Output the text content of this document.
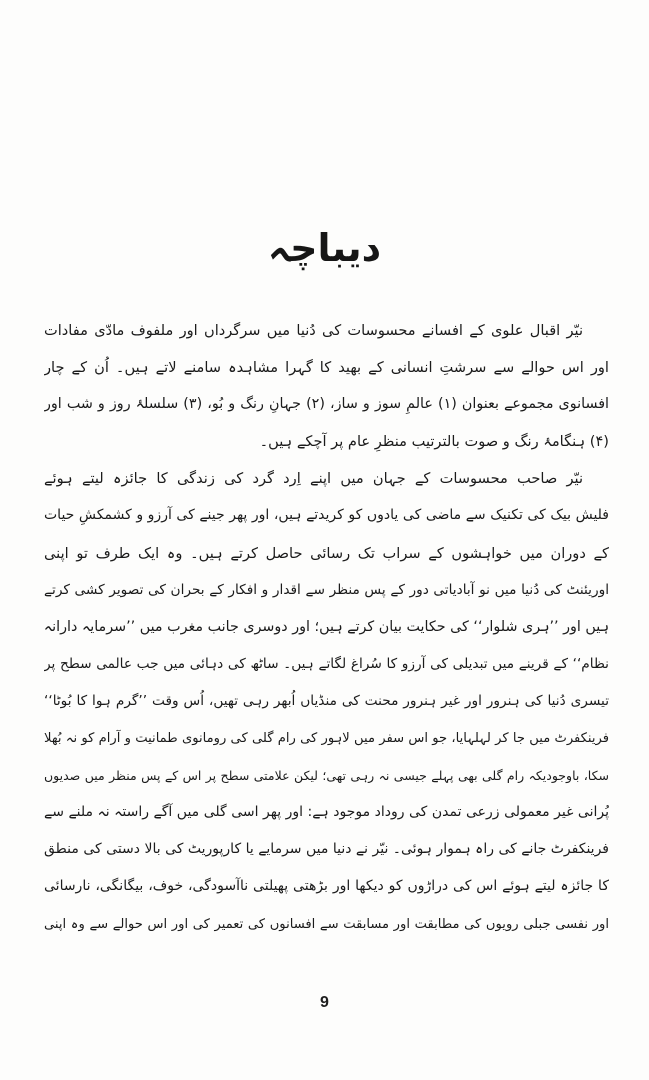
دیباچہ
نیّر اقبال علوی کے افسانے محسوسات کی دُنیا میں سرگرداں اور ملفوف مادّی مفادات
اور اس حوالے سے سرشتِ انسانی کے بھید کا گہرا مشاہدہ سامنے لاتے ہیں۔ اُن کے چار
افسانوی مجموعے بعنوان (۱) عالمِ سوز و ساز، (۲) جہانِ رنگ و بُو، (۳) سلسلۂ روز و شب اور
(۴) ہنگامۂ رنگ و صوت بالترتیب منظرِ عام پر آچکے ہیں۔
نیّر صاحب محسوسات کے جہان میں اپنے اِرد گرد کی زندگی کا جائزہ لیتے ہوئے
فلیش بیک کی تکنیک سے ماضی کی یادوں کو کریدتے ہیں، اور پھر جینے کی آرزو و کشمکشِ حیات
کے دوران میں خواہشوں کے سراب تک رسائی حاصل کرتے ہیں۔ وہ ایک طرف تو اپنی
اوریئنٹ کی دُنیا میں نو آبادیاتی دور کے پس منظر سے اقدار و افکار کے بحران کی تصویر کشی کرتے
ہیں اور ’’ہری شلوار‘‘ کی حکایت بیان کرتے ہیں؛ اور دوسری جانب مغرب میں ’’سرمایہ دارانہ
نظام‘‘ کے قرینے میں تبدیلی کی آرزو کا سُراغ لگاتے ہیں۔ ساٹھ کی دہائی میں جب عالمی سطح پر
تیسری دُنیا کی ہنرور اور غیر ہنرور محنت کی منڈیاں اُبھر رہی تھیں، اُس وقت ’’گرم ہوا کا بُوٹا‘‘
فرینکفرٹ میں جا کر لہلہایا، جو اس سفر میں لاہور کی رام گلی کی رومانوی طمانیت و آرام کو نہ بُھلا
سکا، باوجودیکہ رام گلی بھی پہلے جیسی نہ رہی تھی؛ لیکن علامتی سطح پر اس کے پس منظر میں صدیوں
پُرانی غیر معمولی زرعی تمدن کی روداد موجود ہے: اور پھر اسی گلی میں آگے راستہ نہ ملنے سے
فرینکفرٹ جانے کی راہ ہموار ہوئی۔ نیّر نے دنیا میں سرمایے یا کارپوریٹ کی بالا دستی کی منطق
کا جائزہ لیتے ہوئے اس کی دراڑوں کو دیکھا اور بڑھتی پھیلتی ناآسودگی، خوف، بیگانگی، نارسائی
اور نفسی جبلی رویوں کی مطابقت اور مسابقت سے افسانوں کی تعمیر کی اور اس حوالے سے وہ اپنی
9
